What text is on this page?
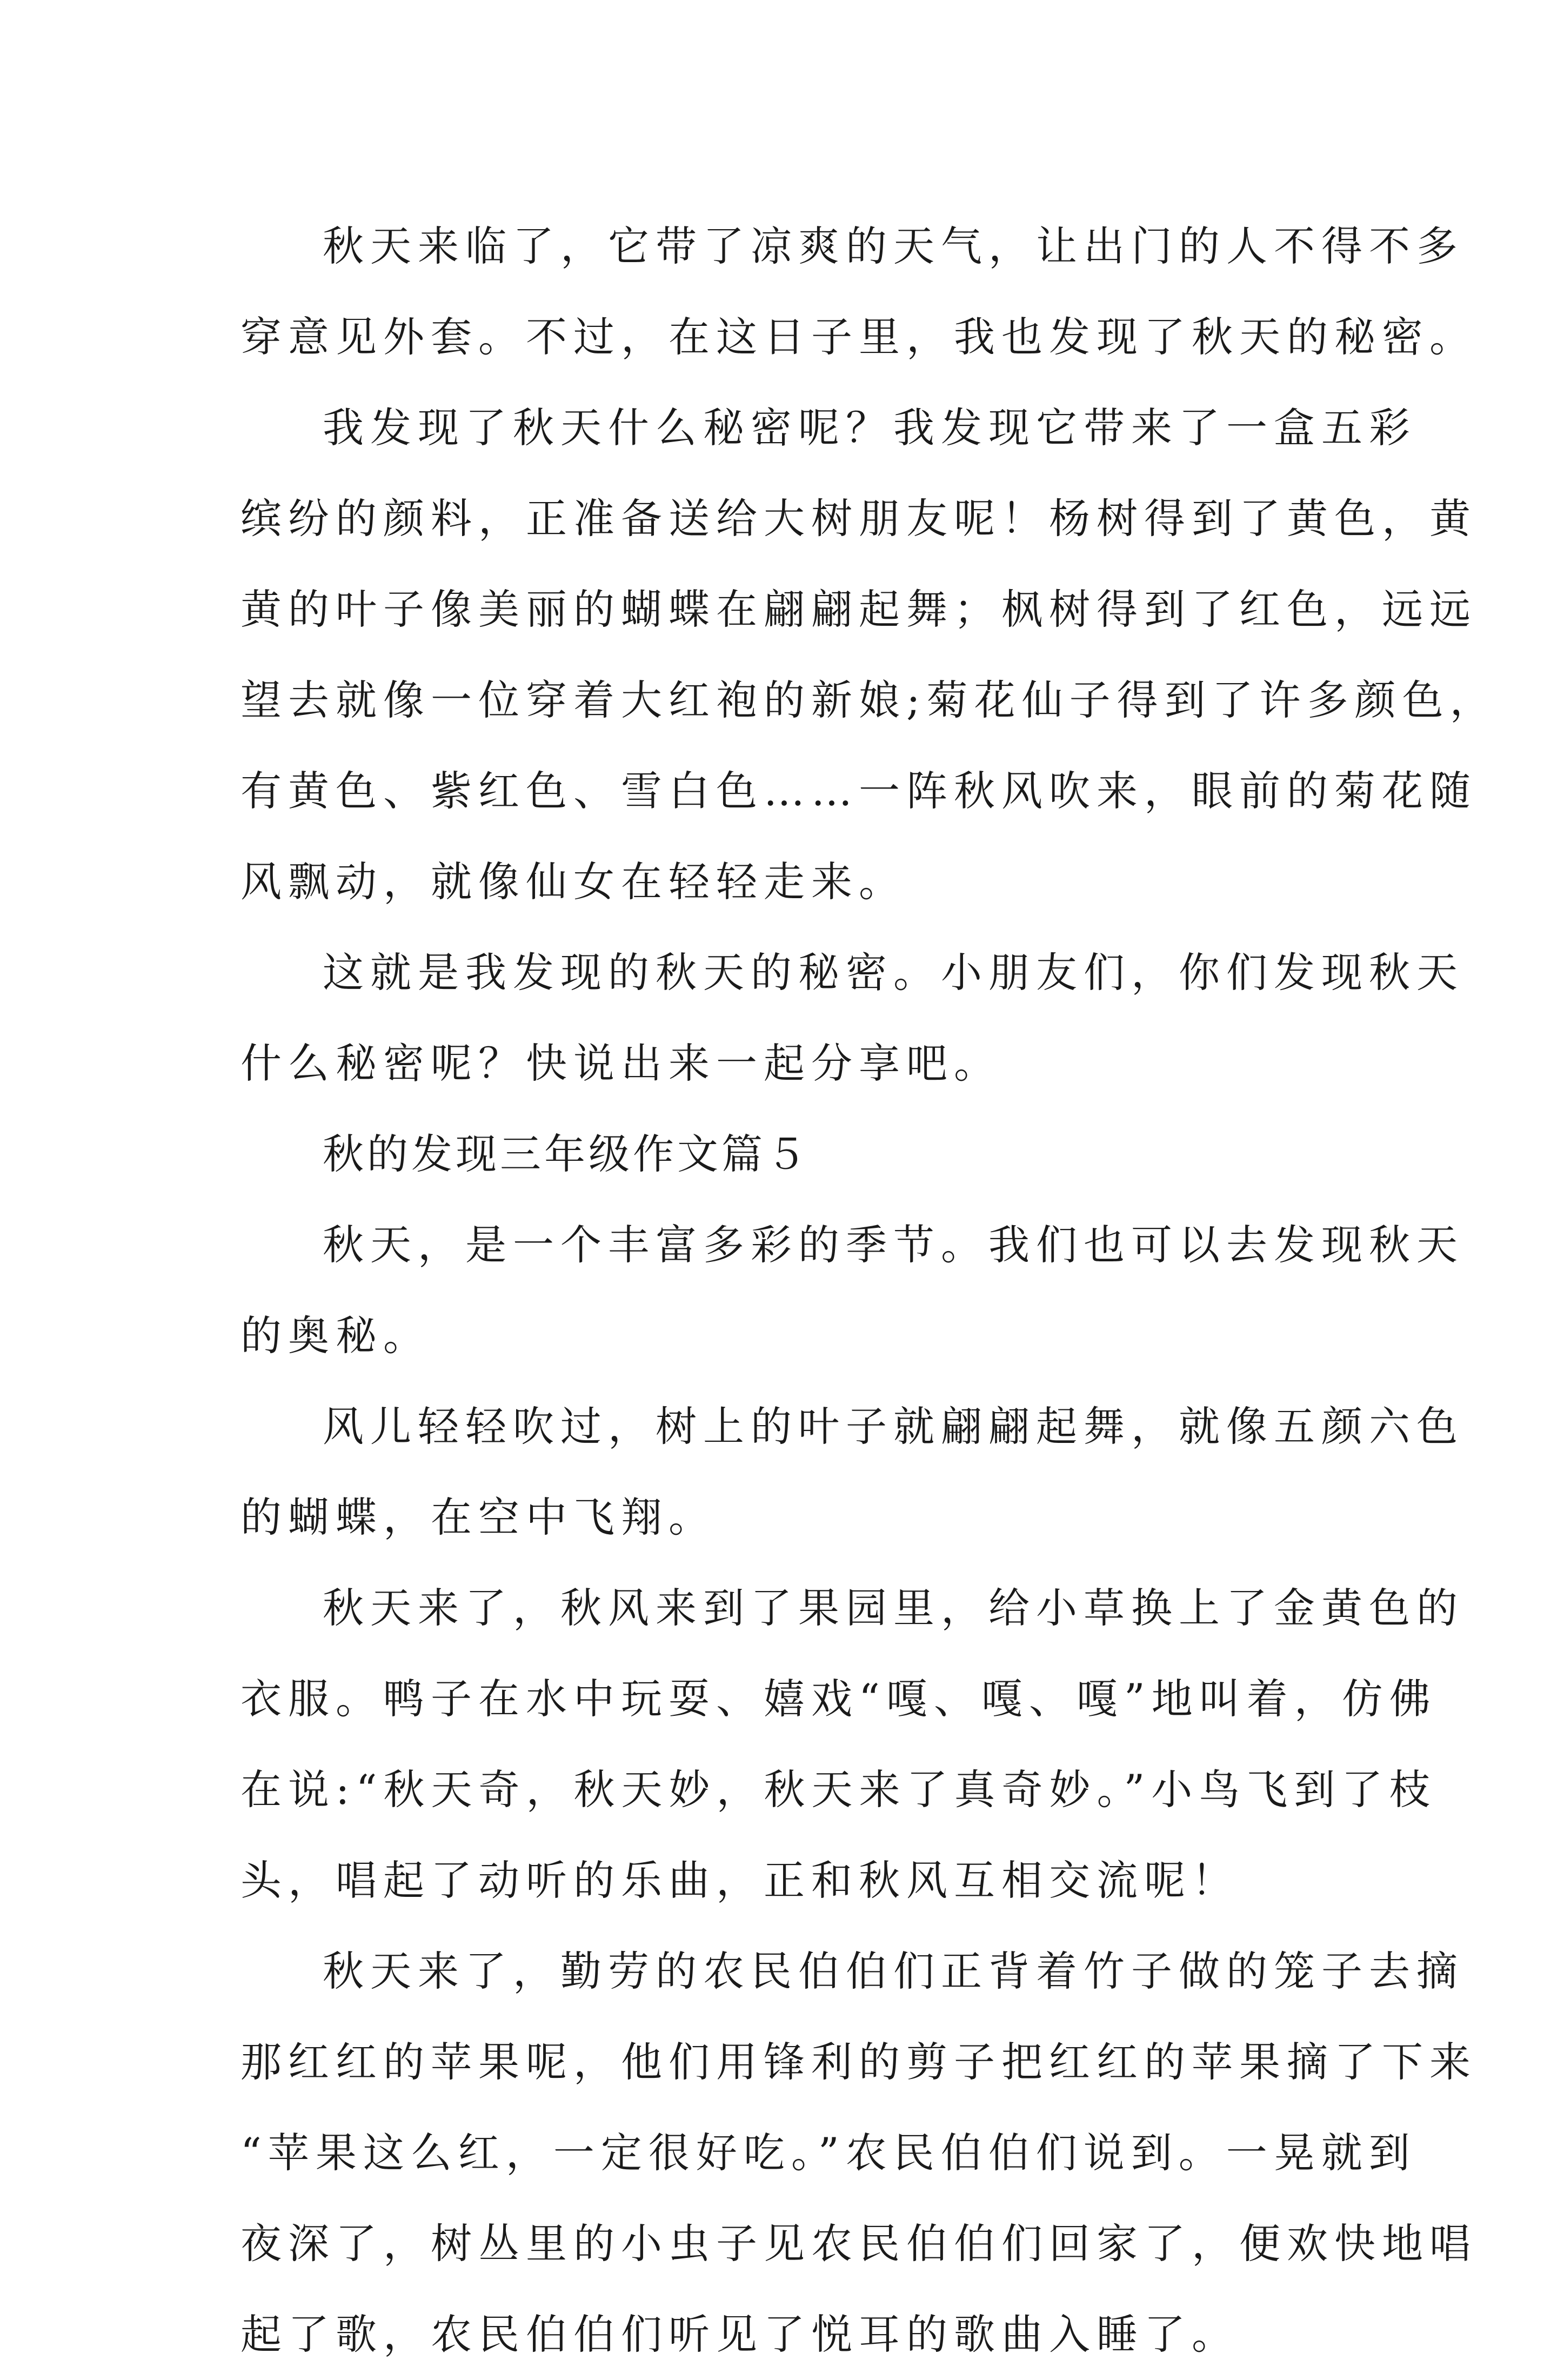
秋天来临了，它带了凉爽的天气，让出门的人不得不多
穿意见外套。不过，在这日子里，我也发现了秋天的秘密。
我发现了秋天什么秘密呢？我发现它带来了一盒五彩
缤纷的颜料，正准备送给大树朋友呢！杨树得到了黄色，黄
黄的叶子像美丽的蝴蝶在翩翩起舞；枫树得到了红色，远远
望去就像一位穿着大红袍的新娘;菊花仙子得到了许多颜色，
有黄色、紫红色、雪白色……一阵秋风吹来，眼前的菊花随
风飘动，就像仙女在轻轻走来。
这就是我发现的秋天的秘密。小朋友们，你们发现秋天
什么秘密呢？快说出来一起分享吧。
秋的发现三年级作文篇５
秋天，是一个丰富多彩的季节。我们也可以去发现秋天
的奥秘。
风儿轻轻吹过，树上的叶子就翩翩起舞，就像五颜六色
的蝴蝶，在空中飞翔。
秋天来了，秋风来到了果园里，给小草换上了金黄色的
衣服。鸭子在水中玩耍、嬉戏“嘎、嘎、嘎”地叫着，仿佛
在说:“秋天奇，秋天妙，秋天来了真奇妙。”小鸟飞到了枝
头，唱起了动听的乐曲，正和秋风互相交流呢！
秋天来了，勤劳的农民伯伯们正背着竹子做的笼子去摘
那红红的苹果呢，他们用锋利的剪子把红红的苹果摘了下来
“苹果这么红，一定很好吃。”农民伯伯们说到。一晃就到
夜深了，树丛里的小虫子见农民伯伯们回家了，便欢快地唱
起了歌，农民伯伯们听见了悦耳的歌曲入睡了。
